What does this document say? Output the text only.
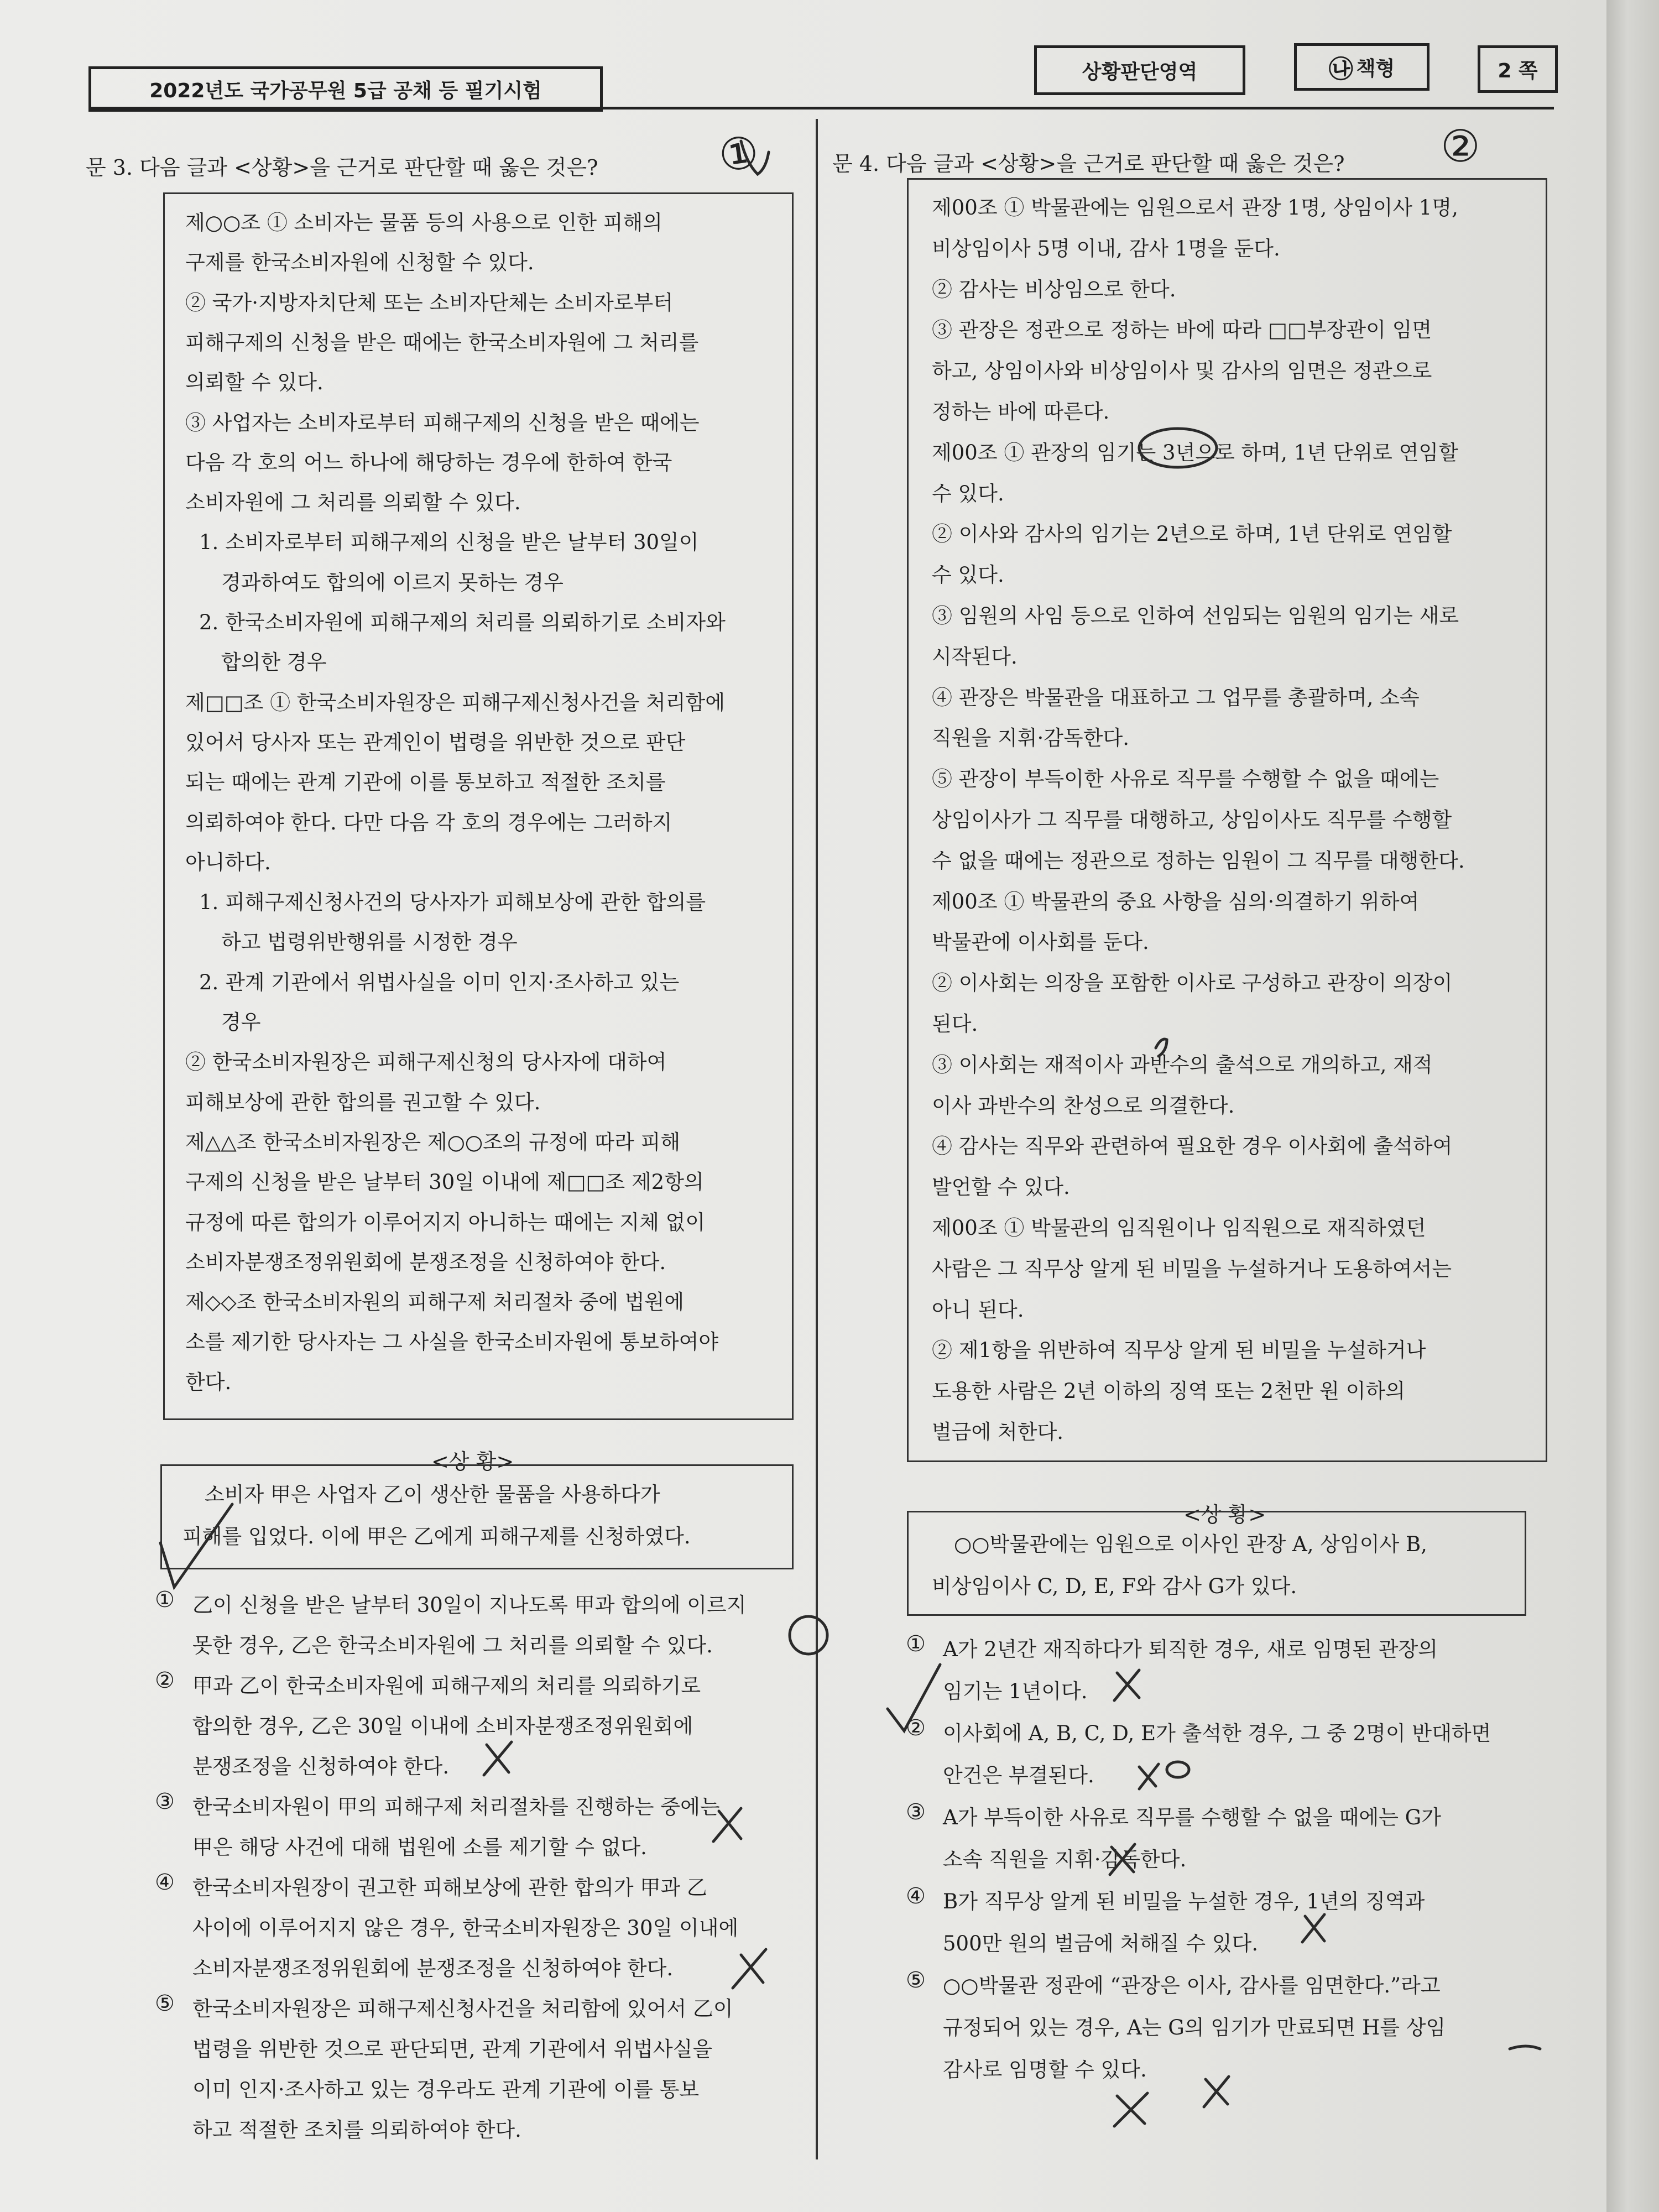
2022년도 국가공무원 5급 공채 등 필기시험
상황판단영역	㉯ 책형	2 쪽
문 3. 다음 글과 <상황>을 근거로 판단할 때 옳은 것은?	①
제○○조 ① 소비자는 물품 등의 사용으로 인한 피해의
구제를 한국소비자원에 신청할 수 있다.
② 국가·지방자치단체 또는 소비자단체는 소비자로부터
피해구제의 신청을 받은 때에는 한국소비자원에 그 처리를
의뢰할 수 있다.
③ 사업자는 소비자로부터 피해구제의 신청을 받은 때에는
다음 각 호의 어느 하나에 해당하는 경우에 한하여 한국
소비자원에 그 처리를 의뢰할 수 있다.
1. 소비자로부터 피해구제의 신청을 받은 날부터 30일이
경과하여도 합의에 이르지 못하는 경우
2. 한국소비자원에 피해구제의 처리를 의뢰하기로 소비자와
합의한 경우
제□□조 ① 한국소비자원장은 피해구제신청사건을 처리함에
있어서 당사자 또는 관계인이 법령을 위반한 것으로 판단
되는 때에는 관계 기관에 이를 통보하고 적절한 조치를
의뢰하여야 한다. 다만 다음 각 호의 경우에는 그러하지
아니하다.
1. 피해구제신청사건의 당사자가 피해보상에 관한 합의를
하고 법령위반행위를 시정한 경우
2. 관계 기관에서 위법사실을 이미 인지·조사하고 있는
경우
② 한국소비자원장은 피해구제신청의 당사자에 대하여
피해보상에 관한 합의를 권고할 수 있다.
제△△조 한국소비자원장은 제○○조의 규정에 따라 피해
구제의 신청을 받은 날부터 30일 이내에 제□□조 제2항의
규정에 따른 합의가 이루어지지 아니하는 때에는 지체 없이
소비자분쟁조정위원회에 분쟁조정을 신청하여야 한다.
제◇◇조 한국소비자원의 피해구제 처리절차 중에 법원에
소를 제기한 당사자는 그 사실을 한국소비자원에 통보하여야
한다.
<상 황>
소비자 甲은 사업자 乙이 생산한 물품을 사용하다가
피해를 입었다. 이에 甲은 乙에게 피해구제를 신청하였다.
① 乙이 신청을 받은 날부터 30일이 지나도록 甲과 합의에 이르지
못한 경우, 乙은 한국소비자원에 그 처리를 의뢰할 수 있다.
② 甲과 乙이 한국소비자원에 피해구제의 처리를 의뢰하기로
합의한 경우, 乙은 30일 이내에 소비자분쟁조정위원회에
분쟁조정을 신청하여야 한다.
③ 한국소비자원이 甲의 피해구제 처리절차를 진행하는 중에는
甲은 해당 사건에 대해 법원에 소를 제기할 수 없다.
④ 한국소비자원장이 권고한 피해보상에 관한 합의가 甲과 乙
사이에 이루어지지 않은 경우, 한국소비자원장은 30일 이내에
소비자분쟁조정위원회에 분쟁조정을 신청하여야 한다.
⑤ 한국소비자원장은 피해구제신청사건을 처리함에 있어서 乙이
법령을 위반한 것으로 판단되면, 관계 기관에서 위법사실을
이미 인지·조사하고 있는 경우라도 관계 기관에 이를 통보
하고 적절한 조치를 의뢰하여야 한다.
문 4. 다음 글과 <상황>을 근거로 판단할 때 옳은 것은? ②
제00조 ① 박물관에는 임원으로서 관장 1명, 상임이사 1명,
비상임이사 5명 이내, 감사 1명을 둔다.
② 감사는 비상임으로 한다.
③ 관장은 정관으로 정하는 바에 따라 □□부장관이 임면
하고, 상임이사와 비상임이사 및 감사의 임면은 정관으로
정하는 바에 따른다.
제00조 ① 관장의 임기는 3년으로 하며, 1년 단위로 연임할
수 있다.
② 이사와 감사의 임기는 2년으로 하며, 1년 단위로 연임할
수 있다.
③ 임원의 사임 등으로 인하여 선임되는 임원의 임기는 새로
시작된다.
④ 관장은 박물관을 대표하고 그 업무를 총괄하며, 소속
직원을 지휘·감독한다.
⑤ 관장이 부득이한 사유로 직무를 수행할 수 없을 때에는
상임이사가 그 직무를 대행하고, 상임이사도 직무를 수행할
수 없을 때에는 정관으로 정하는 임원이 그 직무를 대행한다.
제00조 ① 박물관의 중요 사항을 심의·의결하기 위하여
박물관에 이사회를 둔다.
② 이사회는 의장을 포함한 이사로 구성하고 관장이 의장이
된다.
③ 이사회는 재적이사 과반수의 출석으로 개의하고, 재적
이사 과반수의 찬성으로 의결한다.
④ 감사는 직무와 관련하여 필요한 경우 이사회에 출석하여
발언할 수 있다.
제00조 ① 박물관의 임직원이나 임직원으로 재직하였던
사람은 그 직무상 알게 된 비밀을 누설하거나 도용하여서는
아니 된다.
② 제1항을 위반하여 직무상 알게 된 비밀을 누설하거나
도용한 사람은 2년 이하의 징역 또는 2천만 원 이하의
벌금에 처한다.
<상 황>
○○박물관에는 임원으로 이사인 관장 A, 상임이사 B,
비상임이사 C, D, E, F와 감사 G가 있다.
① A가 2년간 재직하다가 퇴직한 경우, 새로 임명된 관장의
임기는 1년이다.
② 이사회에 A, B, C, D, E가 출석한 경우, 그 중 2명이 반대하면
안건은 부결된다.
③ A가 부득이한 사유로 직무를 수행할 수 없을 때에는 G가
소속 직원을 지휘·감독한다.
④ B가 직무상 알게 된 비밀을 누설한 경우, 1년의 징역과
500만 원의 벌금에 처해질 수 있다.
⑤ ○○박물관 정관에 “관장은 이사, 감사를 임면한다.”라고
규정되어 있는 경우, A는 G의 임기가 만료되면 H를 상임
감사로 임명할 수 있다.
